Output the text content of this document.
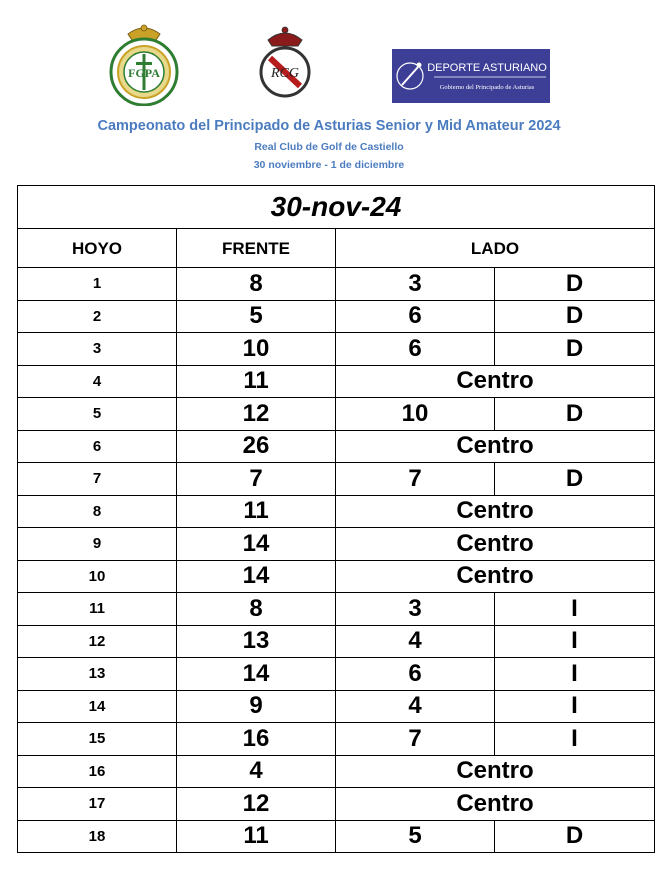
FGPA	RCG	DEPORTE ASTURIANO
Gobierno del Principado de Asturias
Campeonato del Principado de Asturias Senior y Mid Amateur 2024
Real Club de Golf de Castiello
30 noviembre - 1 de diciembre
30-nov-24			
HOYO	FRENTE	LADO	
1	8	3	D
2	5	6	D
3	10	6	D
4	11	Centro	
5	12	10	D
6	26	Centro	
7	7	7	D
8	11	Centro	
9	14	Centro	
10	14	Centro	
11	8	3	I
12	13	4	I
13	14	6	I
14	9	4	I
15	16	7	I
16	4	Centro	
17	12	Centro	
18	11	5	D
